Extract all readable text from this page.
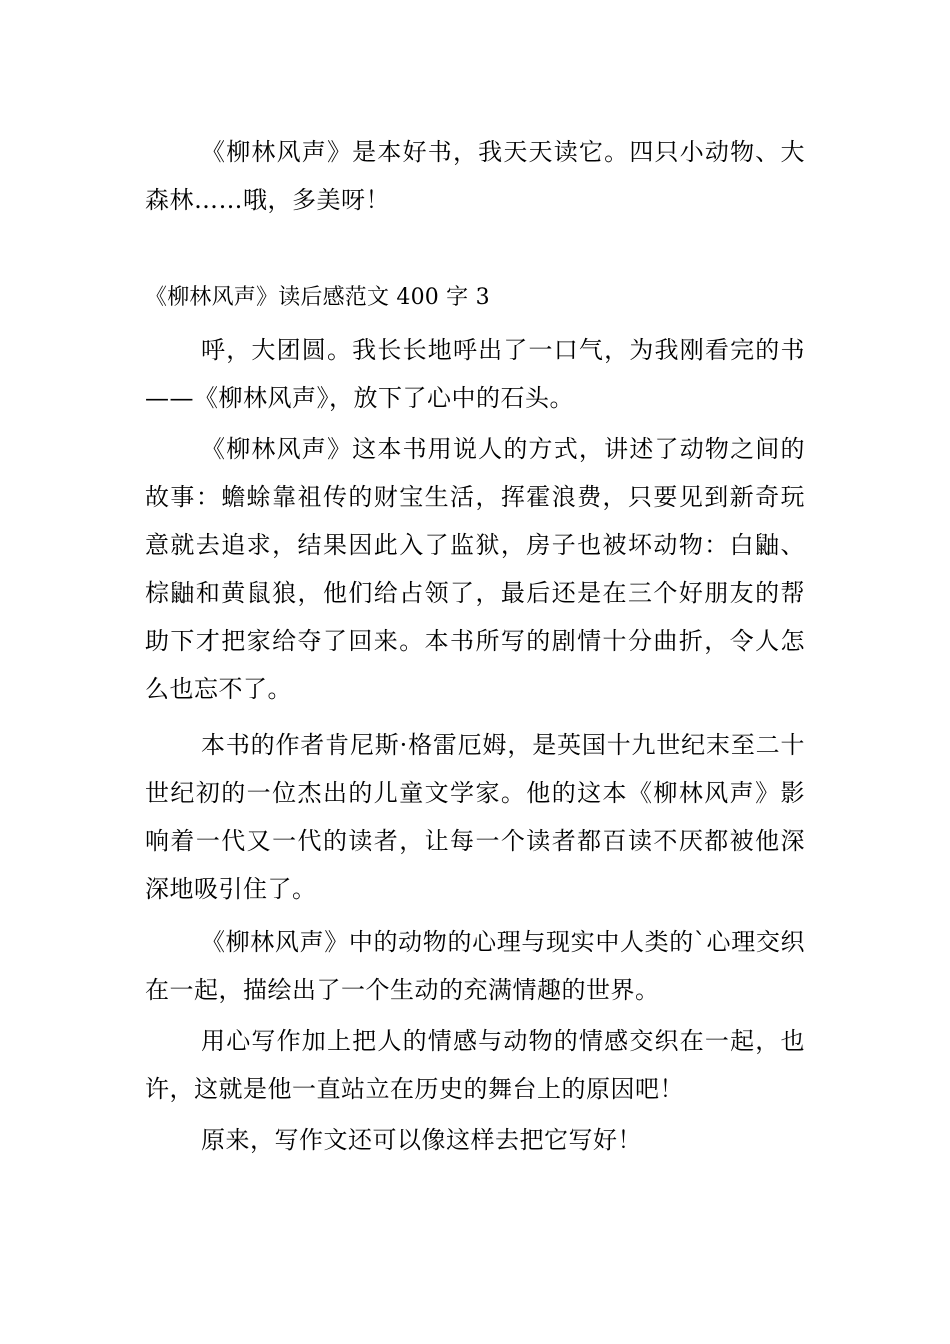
《柳林风声》是本好书，我天天读它。四只小动物、大森林……哦，多美呀！

《柳林风声》读后感范文 400 字 3

呼，大团圆。我长长地呼出了一口气，为我刚看完的书——《柳林风声》，放下了心中的石头。

《柳林风声》这本书用说人的方式，讲述了动物之间的故事：蟾蜍靠祖传的财宝生活，挥霍浪费，只要见到新奇玩意就去追求，结果因此入了监狱，房子也被坏动物：白鼬、棕鼬和黄鼠狼，他们给占领了，最后还是在三个好朋友的帮助下才把家给夺了回来。本书所写的剧情十分曲折，令人怎么也忘不了。

本书的作者肯尼斯·格雷厄姆，是英国十九世纪末至二十世纪初的一位杰出的儿童文学家。他的这本《柳林风声》影响着一代又一代的读者，让每一个读者都百读不厌都被他深深地吸引住了。

《柳林风声》中的动物的心理与现实中人类的`心理交织在一起，描绘出了一个生动的充满情趣的世界。

用心写作加上把人的情感与动物的情感交织在一起，也许，这就是他一直站立在历史的舞台上的原因吧！

原来，写作文还可以像这样去把它写好！
